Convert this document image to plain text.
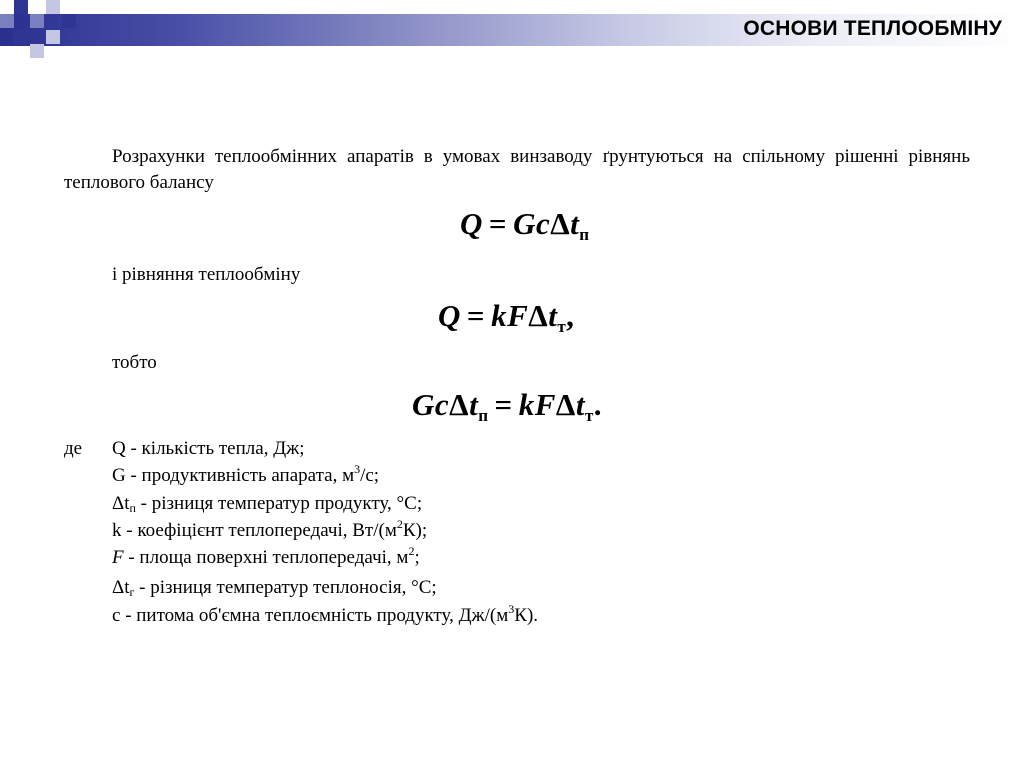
ОСНОВИ ТЕПЛООБМІНУ
Розрахунки теплообмінних апаратів в умовах винзаводу ґрунтуються на спільному рішенні рівнянь теплового балансу
Q = GcΔt$_п$
і рівняння теплообміну
Q = kFΔt$_т$,
тобто
GcΔt$_п$ = kFΔt$_т$.
де Q - кількість тепла, Дж;
G - продуктивність апарата, $м^3/с$;
$\Delta t_п$ - різниця температур продукту, °С;
k - коефіцієнт теплопередачі, $Вт/(м^2К)$;
F - площа поверхні теплопередачі, $м^2$;
$\Delta t_г$ - різниця температур теплоносія, °С;
c - питома об'ємна теплоємність продукту, $Дж/(м^3К)$.
